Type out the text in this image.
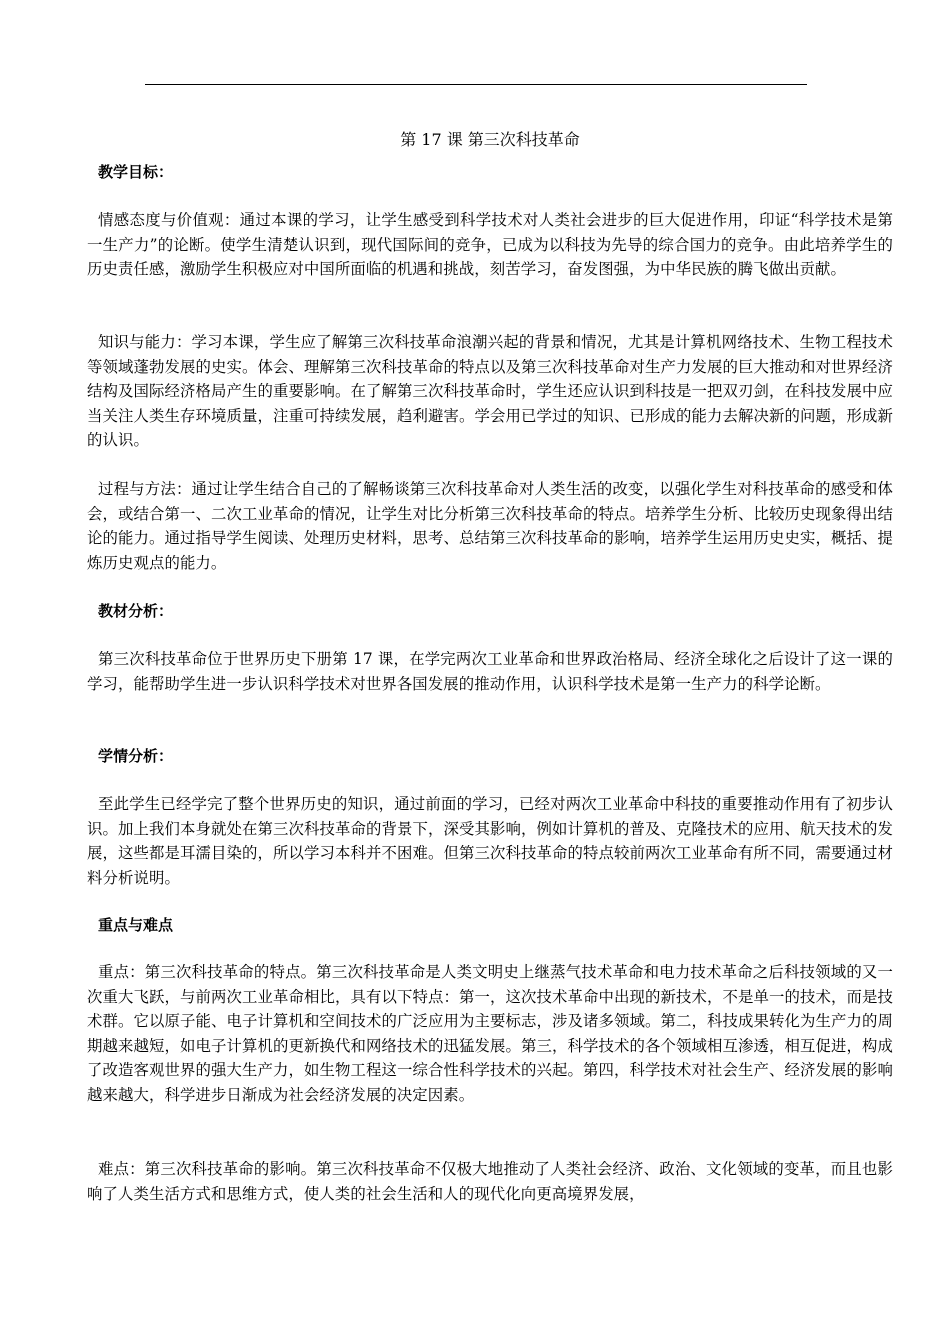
第 17 课 第三次科技革命
教学目标：
情感态度与价值观：通过本课的学习，让学生感受到科学技术对人类社会进步的巨大促进作用，印证“科学技术是第一生产力”的论断。使学生清楚认识到，现代国际间的竞争，已成为以科技为先导的综合国力的竞争。由此培养学生的历史责任感，激励学生积极应对中国所面临的机遇和挑战，刻苦学习，奋发图强，为中华民族的腾飞做出贡献。
知识与能力：学习本课，学生应了解第三次科技革命浪潮兴起的背景和情况，尤其是计算机网络技术、生物工程技术等领域蓬勃发展的史实。体会、理解第三次科技革命的特点以及第三次科技革命对生产力发展的巨大推动和对世界经济结构及国际经济格局产生的重要影响。在了解第三次科技革命时，学生还应认识到科技是一把双刃剑，在科技发展中应当关注人类生存环境质量，注重可持续发展，趋利避害。学会用已学过的知识、已形成的能力去解决新的问题，形成新的认识。
过程与方法：通过让学生结合自己的了解畅谈第三次科技革命对人类生活的改变，以强化学生对科技革命的感受和体会，或结合第一、二次工业革命的情况，让学生对比分析第三次科技革命的特点。培养学生分析、比较历史现象得出结论的能力。通过指导学生阅读、处理历史材料，思考、总结第三次科技革命的影响，培养学生运用历史史实，概括、提炼历史观点的能力。
教材分析：
第三次科技革命位于世界历史下册第 17 课，在学完两次工业革命和世界政治格局、经济全球化之后设计了这一课的学习，能帮助学生进一步认识科学技术对世界各国发展的推动作用，认识科学技术是第一生产力的科学论断。
学情分析：
至此学生已经学完了整个世界历史的知识，通过前面的学习，已经对两次工业革命中科技的重要推动作用有了初步认识。加上我们本身就处在第三次科技革命的背景下，深受其影响，例如计算机的普及、克隆技术的应用、航天技术的发展，这些都是耳濡目染的，所以学习本科并不困难。但第三次科技革命的特点较前两次工业革命有所不同，需要通过材料分析说明。
重点与难点
重点：第三次科技革命的特点。第三次科技革命是人类文明史上继蒸气技术革命和电力技术革命之后科技领域的又一次重大飞跃，与前两次工业革命相比，具有以下特点：第一，这次技术革命中出现的新技术，不是单一的技术，而是技术群。它以原子能、电子计算机和空间技术的广泛应用为主要标志，涉及诸多领域。第二，科技成果转化为生产力的周期越来越短，如电子计算机的更新换代和网络技术的迅猛发展。第三，科学技术的各个领域相互渗透，相互促进，构成了改造客观世界的强大生产力，如生物工程这一综合性科学技术的兴起。第四，科学技术对社会生产、经济发展的影响越来越大，科学进步日渐成为社会经济发展的决定因素。
难点：第三次科技革命的影响。第三次科技革命不仅极大地推动了人类社会经济、政治、文化领域的变革，而且也影响了人类生活方式和思维方式，使人类的社会生活和人的现代化向更高境界发展，
